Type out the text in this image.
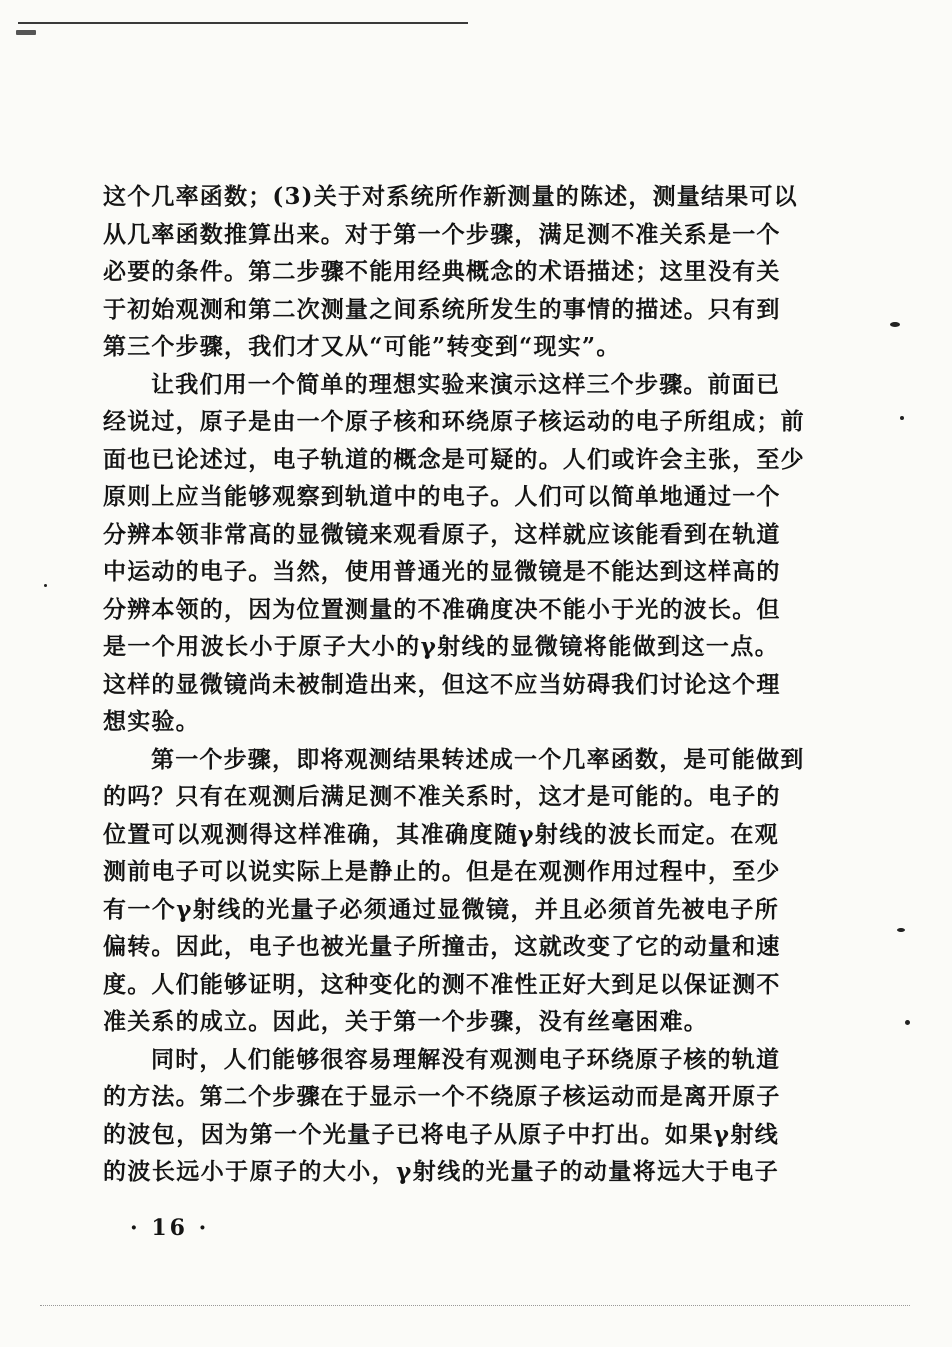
这个几率函数；(3)关于对系统所作新测量的陈述，测量结果可以
从几率函数推算出来。对于第一个步骤，满足测不准关系是一个
必要的条件。第二步骤不能用经典概念的术语描述；这里没有关
于初始观测和第二次测量之间系统所发生的事情的描述。只有到
第三个步骤，我们才又从“可能”转变到“现实”。
让我们用一个简单的理想实验来演示这样三个步骤。前面已
经说过，原子是由一个原子核和环绕原子核运动的电子所组成；前
面也已论述过，电子轨道的概念是可疑的。人们或许会主张，至少
原则上应当能够观察到轨道中的电子。人们可以简单地通过一个
分辨本领非常高的显微镜来观看原子，这样就应该能看到在轨道
中运动的电子。当然，使用普通光的显微镜是不能达到这样高的
分辨本领的，因为位置测量的不准确度决不能小于光的波长。但
是一个用波长小于原子大小的γ射线的显微镜将能做到这一点。
这样的显微镜尚未被制造出来，但这不应当妨碍我们讨论这个理
想实验。
第一个步骤，即将观测结果转述成一个几率函数，是可能做到
的吗？只有在观测后满足测不准关系时，这才是可能的。电子的
位置可以观测得这样准确，其准确度随γ射线的波长而定。在观
测前电子可以说实际上是静止的。但是在观测作用过程中，至少
有一个γ射线的光量子必须通过显微镜，并且必须首先被电子所
偏转。因此，电子也被光量子所撞击，这就改变了它的动量和速
度。人们能够证明，这种变化的测不准性正好大到足以保证测不
准关系的成立。因此，关于第一个步骤，没有丝毫困难。
同时，人们能够很容易理解没有观测电子环绕原子核的轨道
的方法。第二个步骤在于显示一个不绕原子核运动而是离开原子
的波包，因为第一个光量子已将电子从原子中打出。如果γ射线
的波长远小于原子的大小，γ射线的光量子的动量将远大于电子
· 16 ·
